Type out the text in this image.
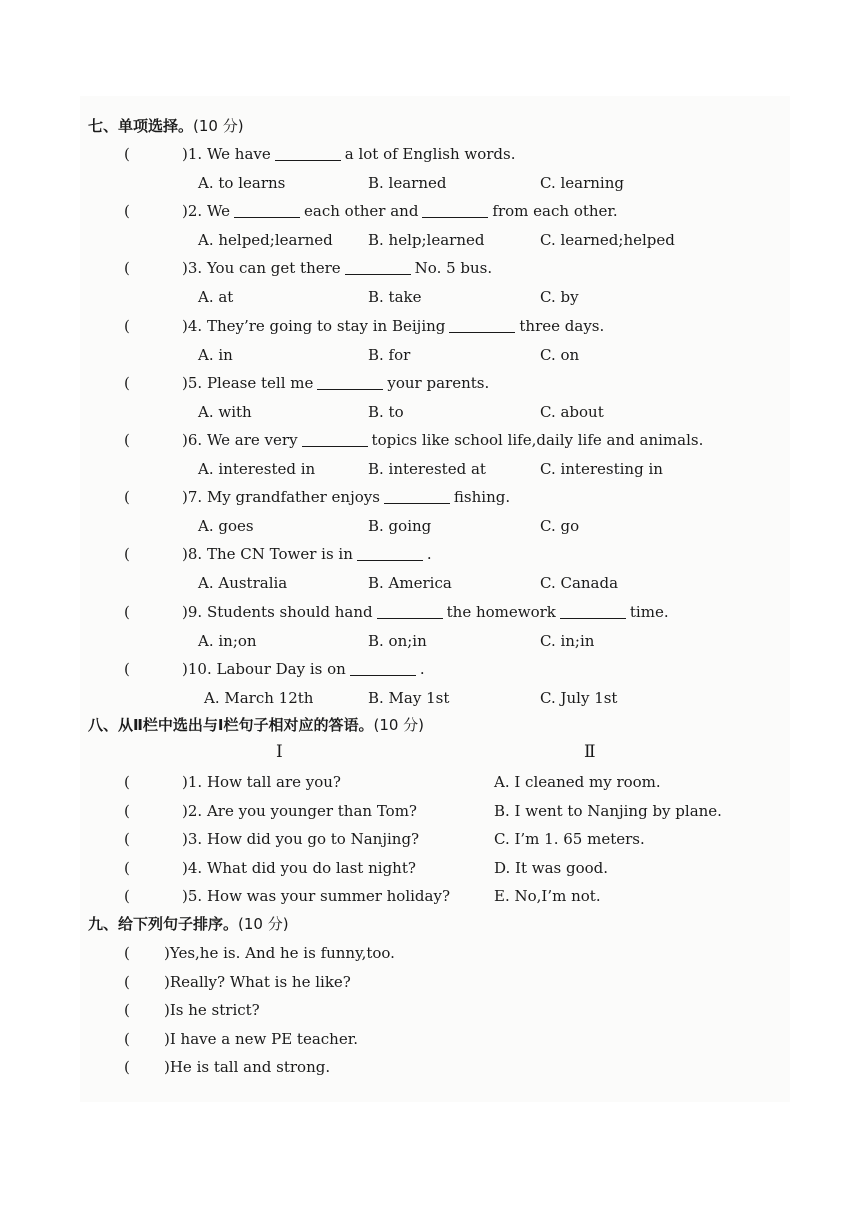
七、单项选择。(10 分)
(	)1. We have	a lot of English words.
A. to learns	B. learned	C. learning
(	)2. We	each other and	from each other.
A. helped;learned B. help;learned	C. learned;helped
(	)3. You can get there	No. 5 bus.
A. at	B. take	C. by
(	)4. They’re going to stay in Beijing	three days.
A. in	B. for	C. on
(	)5. Please tell me	your parents.
A. with	B. to	C. about
(	)6. We are very	topics like school life,daily life and animals.
A. interested in	B. interested at	C. interesting in
(	)7. My grandfather enjoys	fishing.
A. goes	B. going	C. go
(	)8. The CN Tower is in	.
A. Australia	B. America	C. Canada
(	)9. Students should hand	the homework	time.
A. in;on	B. on;in	C. in;in
(	)10. Labour Day is on	.
A. March 12th	B. May 1st	C. July 1st
八、从Ⅱ栏中选出与Ⅰ栏句子相对应的答语。(10 分)
Ⅰ	Ⅱ
(	)1. How tall are you?	A. I cleaned my room.
(	)2. Are you younger than Tom?	B. I went to Nanjing by plane.
(	)3. How did you go to Nanjing?	C. I’m 1. 65 meters.
(	)4. What did you do last night?	D. It was good.
(	)5. How was your summer holiday?	E. No,I’m not.
九、给下列句子排序。(10 分)
( )Yes,he is. And he is funny,too.
( )Really? What is he like?
( )Is he strict?
( )I have a new PE teacher.
( )He is tall and strong.
